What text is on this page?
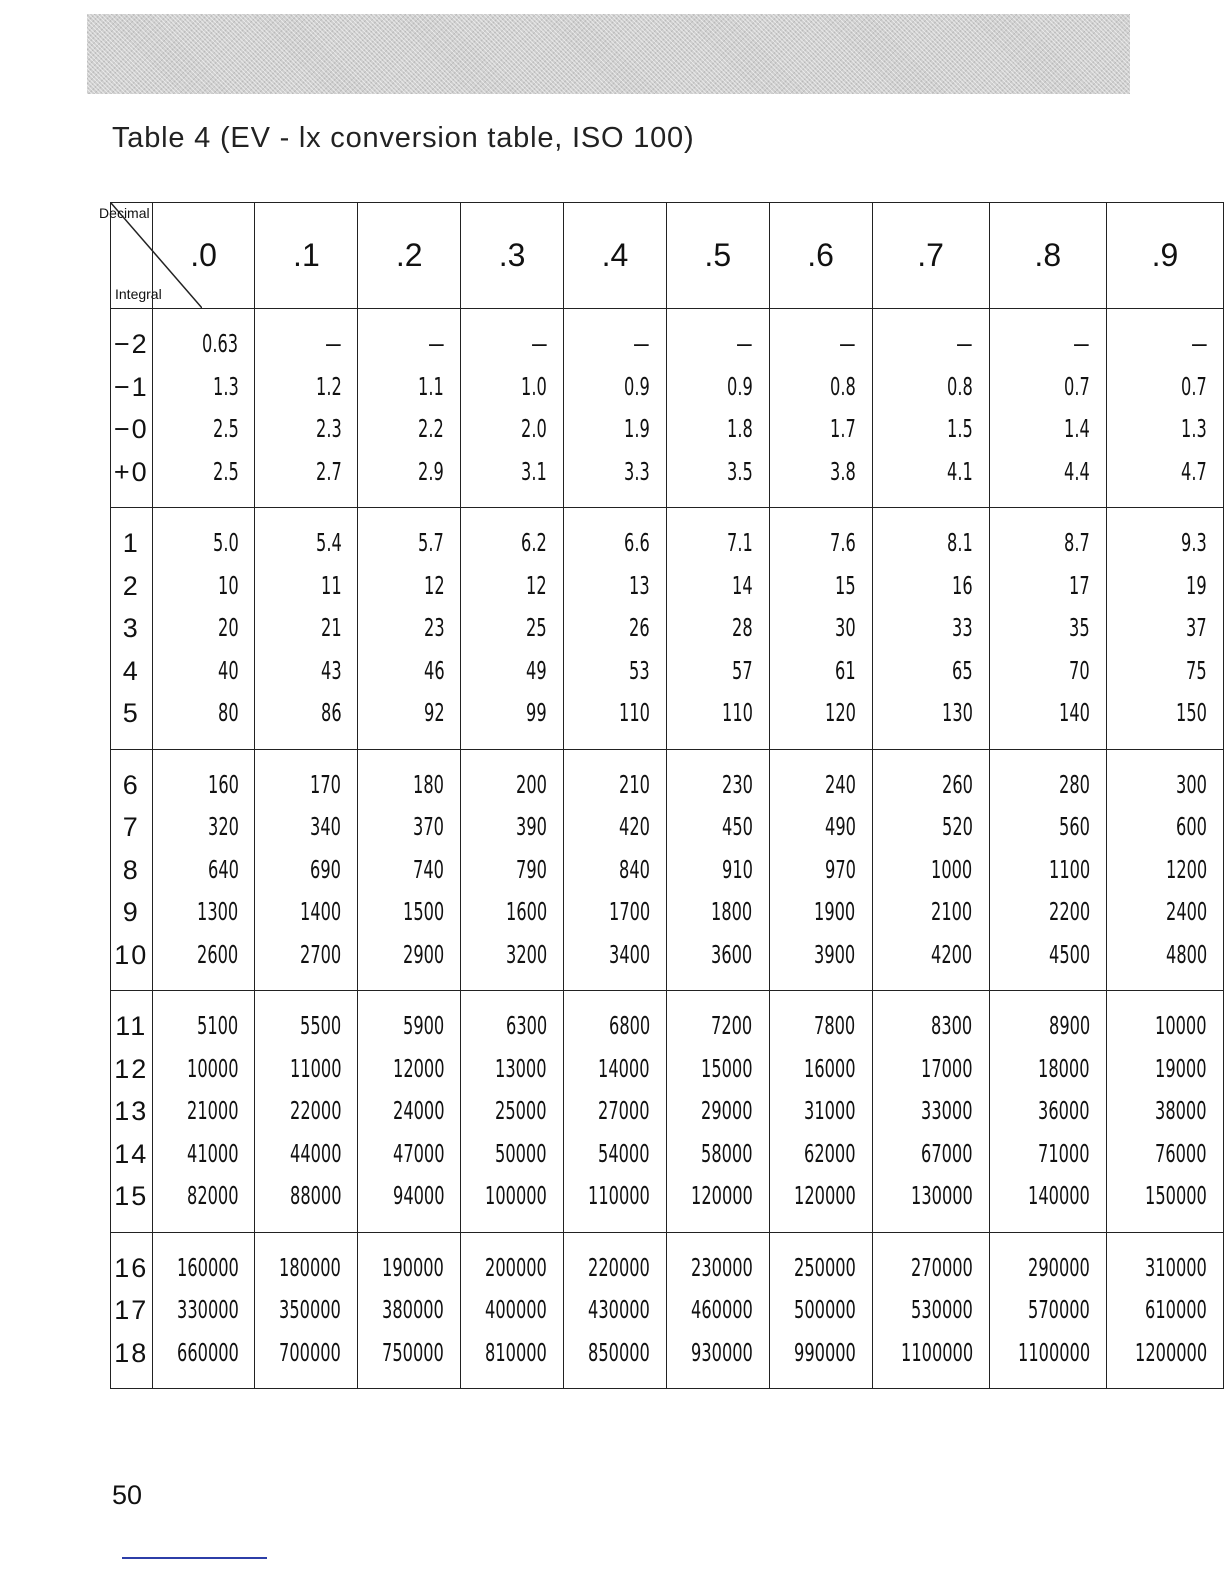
Table 4 (EV - lx conversion table, ISO 100)
Decimal
Integral	.0	.1	.2	.3	.4	.5	.6	.7	.8	.9

−2	0.63	—	—	—	—	—	—	—	—	—
−1	1.3	1.2	1.1	1.0	0.9	0.9	0.8	0.8	0.7	0.7
−0	2.5	2.3	2.2	2.0	1.9	1.8	1.7	1.5	1.4	1.3
+0	2.5	2.7	2.9	3.1	3.3	3.5	3.8	4.1	4.4	4.7

1	5.0	5.4	5.7	6.2	6.6	7.1	7.6	8.1	8.7	9.3
2	10	11	12	12	13	14	15	16	17	19
3	20	21	23	25	26	28	30	33	35	37
4	40	43	46	49	53	57	61	65	70	75
5	80	86	92	99	110	110	120	130	140	150

6	160	170	180	200	210	230	240	260	280	300
7	320	340	370	390	420	450	490	520	560	600
8	640	690	740	790	840	910	970	1000	1100	1200
9	1300	1400	1500	1600	1700	1800	1900	2100	2200	2400
10	2600	2700	2900	3200	3400	3600	3900	4200	4500	4800

11	5100	5500	5900	6300	6800	7200	7800	8300	8900	10000
12	10000	11000	12000	13000	14000	15000	16000	17000	18000	19000
13	21000	22000	24000	25000	27000	29000	31000	33000	36000	38000
14	41000	44000	47000	50000	54000	58000	62000	67000	71000	76000
15	82000	88000	94000	100000	110000	120000	120000	130000	140000	150000

16	160000	180000	190000	200000	220000	230000	250000	270000	290000	310000
17	330000	350000	380000	400000	430000	460000	500000	530000	570000	610000
18	660000	700000	750000	810000	850000	930000	990000	1100000	1100000	1200000

50
